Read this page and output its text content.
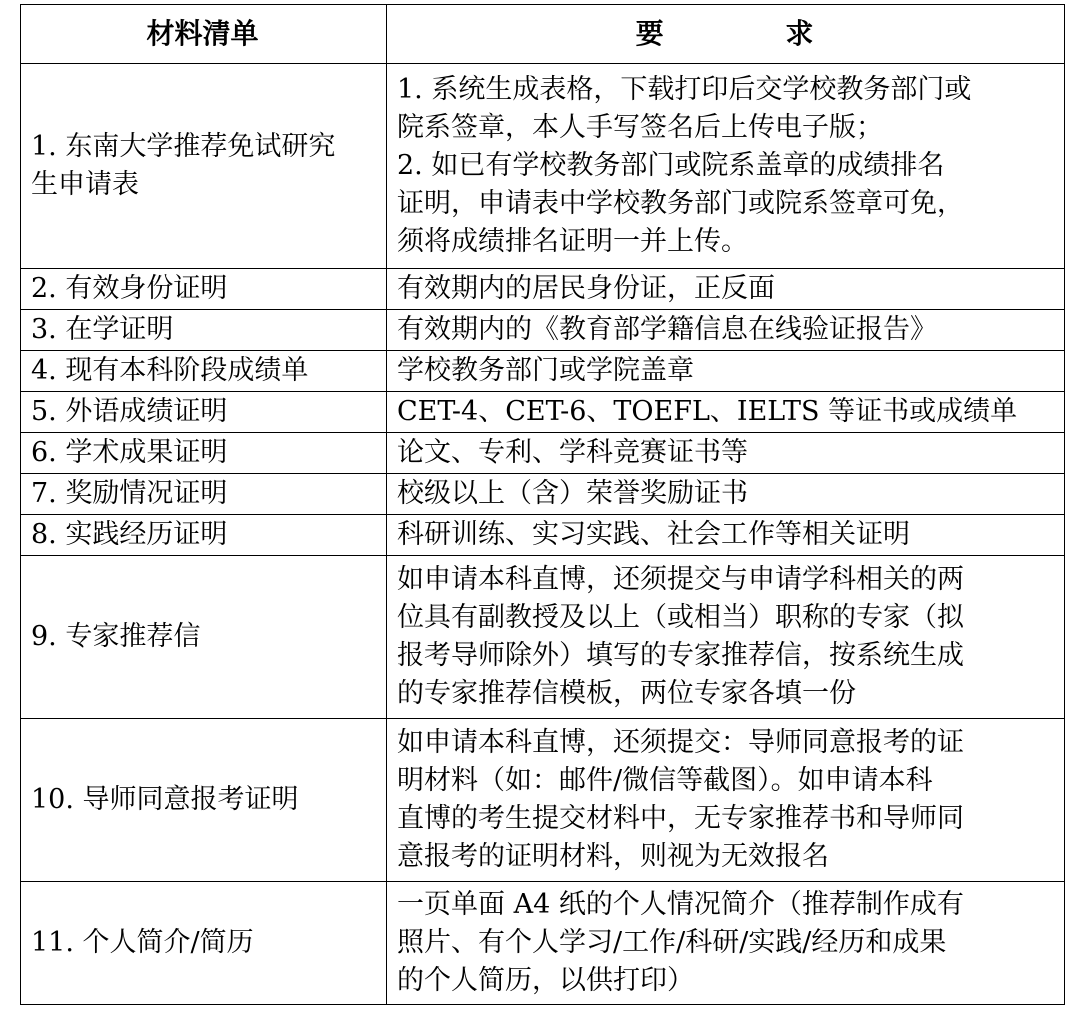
材料清单	要 求

1. 东南大学推荐免试研究
生申请表	1. 系统生成表格，下载打印后交学校教务部门或
院系签章，本人手写签名后上传电子版；
2. 如已有学校教务部门或院系盖章的成绩排名
证明，申请表中学校教务部门或院系签章可免，
须将成绩排名证明一并上传。

2. 有效身份证明	有效期内的居民身份证，正反面
3. 在学证明	有效期内的《教育部学籍信息在线验证报告》
4. 现有本科阶段成绩单	学校教务部门或学院盖章
5. 外语成绩证明	CET-4、CET-6、TOEFL、IELTS 等证书或成绩单
6. 学术成果证明	论文、专利、学科竞赛证书等
7. 奖励情况证明	校级以上（含）荣誉奖励证书
8. 实践经历证明	科研训练、实习实践、社会工作等相关证明
9. 专家推荐信	如申请本科直博，还须提交与申请学科相关的两
位具有副教授及以上（或相当）职称的专家（拟
报考导师除外）填写的专家推荐信，按系统生成
的专家推荐信模板，两位专家各填一份

10. 导师同意报考证明	如申请本科直博，还须提交：导师同意报考的证
明材料（如：邮件/微信等截图）。如申请本科
直博的考生提交材料中，无专家推荐书和导师同
意报考的证明材料，则视为无效报名

11. 个人简介/简历	一页单面 A4 纸的个人情况简介（推荐制作成有
照片、有个人学习/工作/科研/实践/经历和成果
的个人简历，以供打印）
